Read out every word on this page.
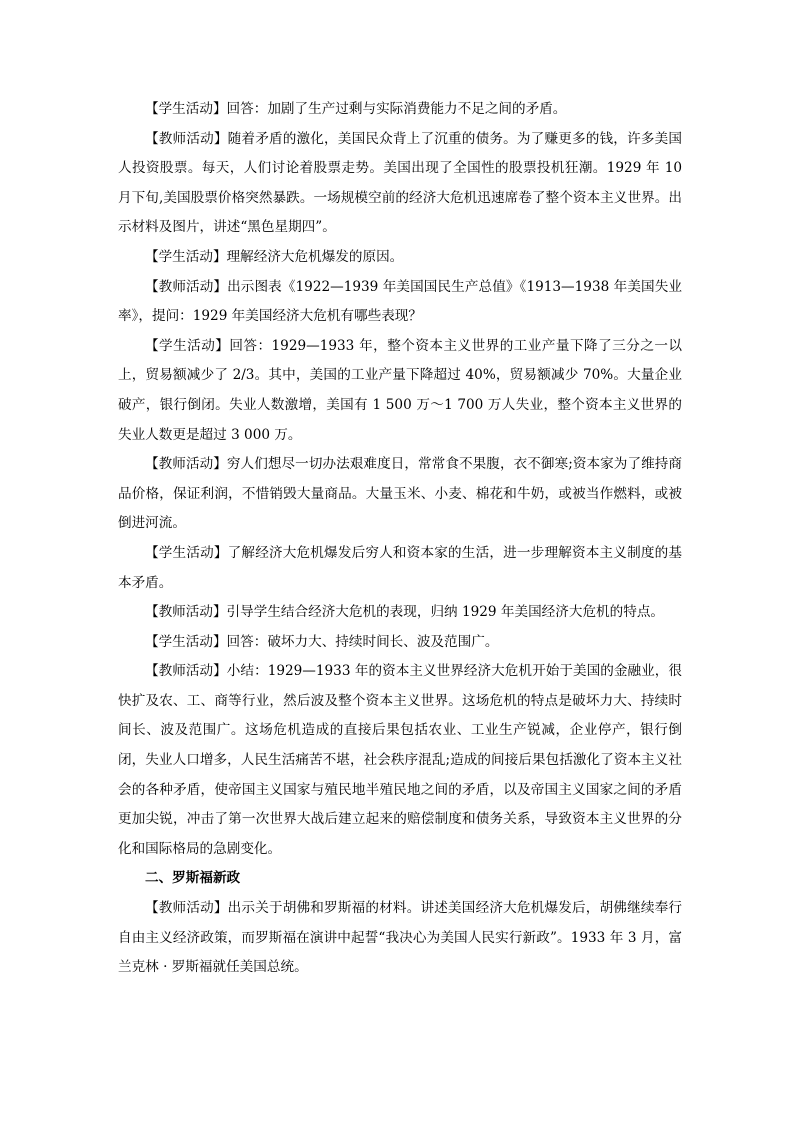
【学生活动】回答：加剧了生产过剩与实际消费能力不足之间的矛盾。

【教师活动】随着矛盾的激化，美国民众背上了沉重的债务。为了赚更多的钱，许多美国人投资股票。每天，人们讨论着股票走势。美国出现了全国性的股票投机狂潮。1929 年 10 月下旬,美国股票价格突然暴跌。一场规模空前的经济大危机迅速席卷了整个资本主义世界。出示材料及图片，讲述“黑色星期四”。

【学生活动】理解经济大危机爆发的原因。

【教师活动】出示图表《1922—1939 年美国国民生产总值》《1913—1938 年美国失业率》，提问：1929 年美国经济大危机有哪些表现？

【学生活动】回答：1929—1933 年，整个资本主义世界的工业产量下降了三分之一以上，贸易额减少了 2/3。其中，美国的工业产量下降超过 40%，贸易额减少 70%。大量企业破产，银行倒闭。失业人数激增，美国有 1 500 万～1 700 万人失业，整个资本主义世界的失业人数更是超过 3 000 万。

【教师活动】穷人们想尽一切办法艰难度日，常常食不果腹，衣不御寒;资本家为了维持商品价格，保证利润，不惜销毁大量商品。大量玉米、小麦、棉花和牛奶，或被当作燃料，或被倒进河流。

【学生活动】了解经济大危机爆发后穷人和资本家的生活，进一步理解资本主义制度的基本矛盾。

【教师活动】引导学生结合经济大危机的表现，归纳 1929 年美国经济大危机的特点。

【学生活动】回答：破坏力大、持续时间长、波及范围广。

【教师活动】小结：1929—1933 年的资本主义世界经济大危机开始于美国的金融业，很快扩及农、工、商等行业，然后波及整个资本主义世界。这场危机的特点是破坏力大、持续时间长、波及范围广。这场危机造成的直接后果包括农业、工业生产锐减，企业停产，银行倒闭，失业人口增多，人民生活痛苦不堪，社会秩序混乱;造成的间接后果包括激化了资本主义社会的各种矛盾，使帝国主义国家与殖民地半殖民地之间的矛盾，以及帝国主义国家之间的矛盾更加尖锐，冲击了第一次世界大战后建立起来的赔偿制度和债务关系，导致资本主义世界的分化和国际格局的急剧变化。

二、罗斯福新政

【教师活动】出示关于胡佛和罗斯福的材料。讲述美国经济大危机爆发后，胡佛继续奉行自由主义经济政策，而罗斯福在演讲中起誓“我决心为美国人民实行新政”。1933 年 3 月，富兰克林 · 罗斯福就任美国总统。
